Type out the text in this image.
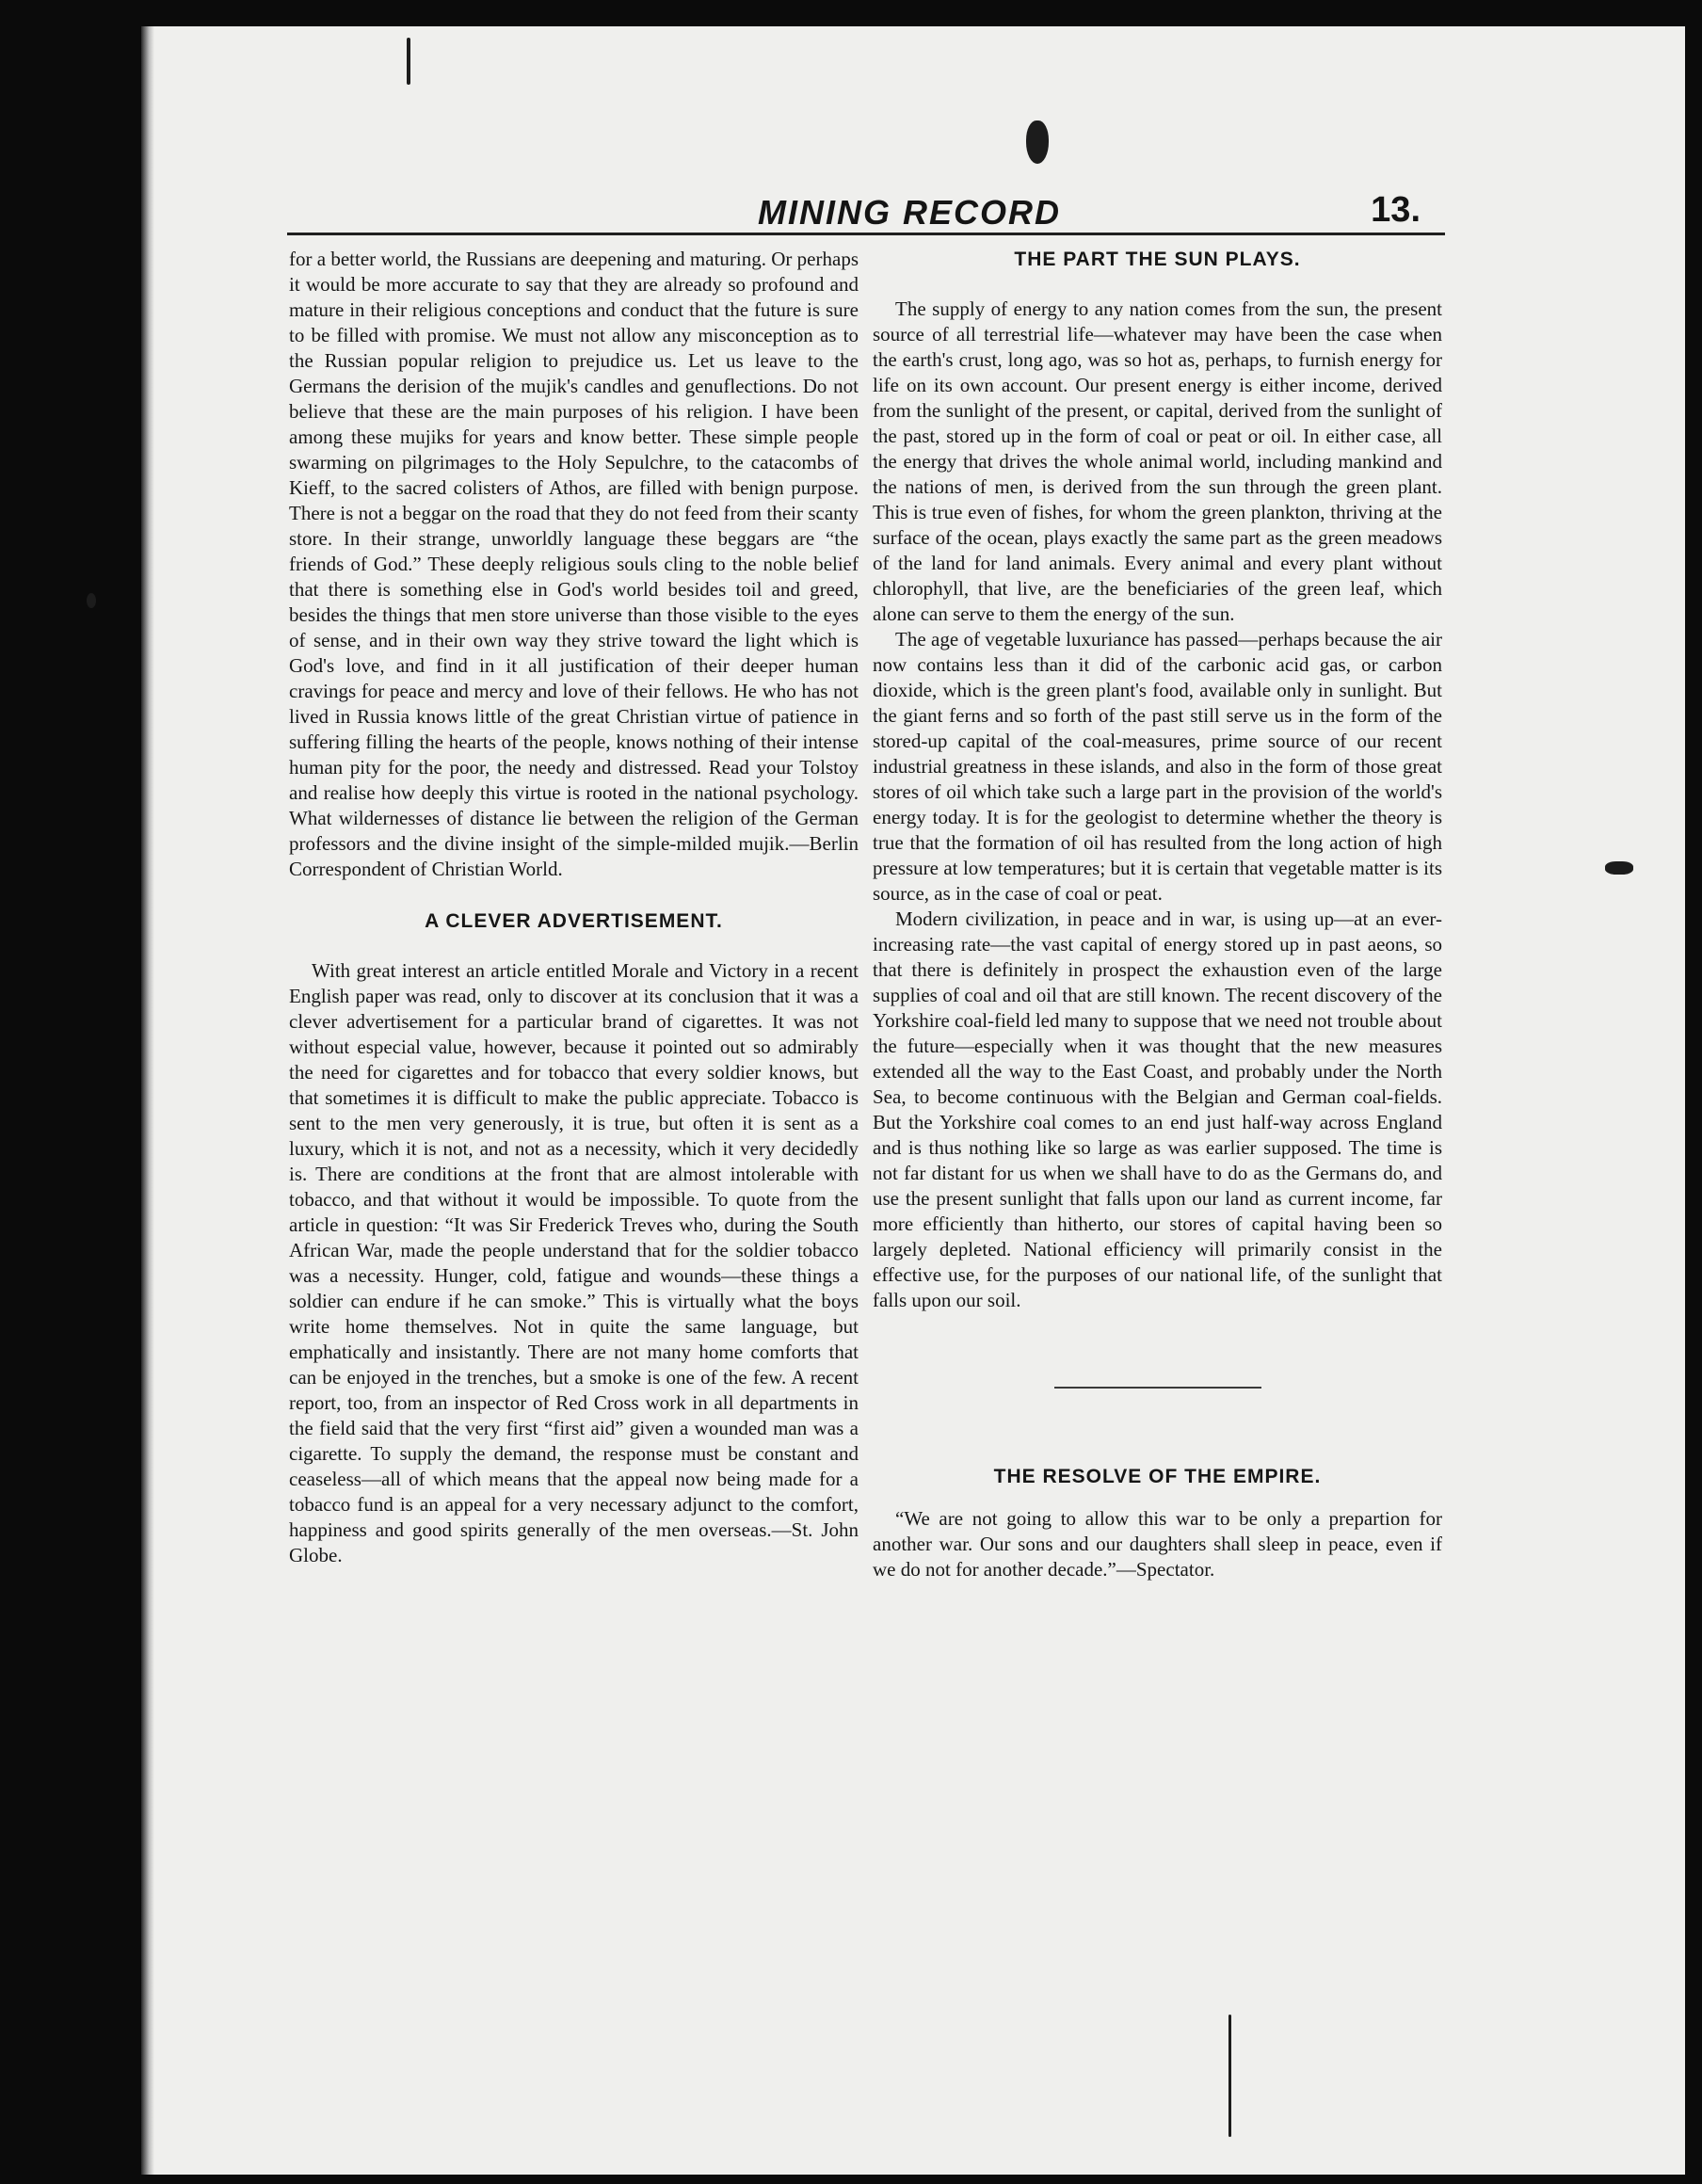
MINING RECORD	13.

for a better world, the Russians are deepening and maturing. Or perhaps it would be more accurate to say that they are already so profound and mature in their religious conceptions and conduct that the future is sure to be filled with promise. We must not allow any misconception as to the Russian popular religion to prejudice us. Let us leave to the Germans the derision of the mujik's candles and genuflections. Do not believe that these are the main purposes of his religion. I have been among these mujiks for years and know better. These simple people swarming on pilgrimages to the Holy Sepulchre, to the catacombs of Kieff, to the sacred colisters of Athos, are filled with benign purpose. There is not a beggar on the road that they do not feed from their scanty store. In their strange, unworldly language these beggars are “the friends of God.” These deeply religious souls cling to the noble belief that there is something else in God's world besides toil and greed, besides the things that men store universe than those visible to the eyes of sense, and in their own way they strive toward the light which is God's love, and find in it all justification of their deeper human cravings for peace and mercy and love of their fellows. He who has not lived in Russia knows little of the great Christian virtue of patience in suffering filling the hearts of the people, knows nothing of their intense human pity for the poor, the needy and distressed. Read your Tolstoy and realise how deeply this virtue is rooted in the national psychology. What wildernesses of distance lie between the religion of the German professors and the divine insight of the simple-milded mujik.—Berlin Correspondent of Christian World.

A CLEVER ADVERTISEMENT.

With great interest an article entitled Morale and Victory in a recent English paper was read, only to discover at its conclusion that it was a clever advertisement for a particular brand of cigarettes. It was not without especial value, however, because it pointed out so admirably the need for cigarettes and for tobacco that every soldier knows, but that sometimes it is difficult to make the public appreciate. Tobacco is sent to the men very generously, it is true, but often it is sent as a luxury, which it is not, and not as a necessity, which it very decidedly is. There are conditions at the front that are almost intolerable with tobacco, and that without it would be impossible. To quote from the article in question: “It was Sir Frederick Treves who, during the South African War, made the people understand that for the soldier tobacco was a necessity. Hunger, cold, fatigue and wounds—these things a soldier can endure if he can smoke.” This is virtually what the boys write home themselves. Not in quite the same language, but emphatically and insistantly. There are not many home comforts that can be enjoyed in the trenches, but a smoke is one of the few. A recent report, too, from an inspector of Red Cross work in all departments in the field said that the very first “first aid” given a wounded man was a cigarette. To supply the demand, the response must be constant and ceaseless—all of which means that the appeal now being made for a tobacco fund is an appeal for a very necessary adjunct to the comfort, happiness and good spirits generally of the men overseas.—St. John Globe.

THE PART THE SUN PLAYS.

The supply of energy to any nation comes from the sun, the present source of all terrestrial life—whatever may have been the case when the earth's crust, long ago, was so hot as, perhaps, to furnish energy for life on its own account. Our present energy is either income, derived from the sunlight of the present, or capital, derived from the sunlight of the past, stored up in the form of coal or peat or oil. In either case, all the energy that drives the whole animal world, including mankind and the nations of men, is derived from the sun through the green plant. This is true even of fishes, for whom the green plankton, thriving at the surface of the ocean, plays exactly the same part as the green meadows of the land for land animals. Every animal and every plant without chlorophyll, that live, are the beneficiaries of the green leaf, which alone can serve to them the energy of the sun.

The age of vegetable luxuriance has passed—perhaps because the air now contains less than it did of the carbonic acid gas, or carbon dioxide, which is the green plant's food, available only in sunlight. But the giant ferns and so forth of the past still serve us in the form of the stored-up capital of the coal-measures, prime source of our recent industrial greatness in these islands, and also in the form of those great stores of oil which take such a large part in the provision of the world's energy today. It is for the geologist to determine whether the theory is true that the formation of oil has resulted from the long action of high pressure at low temperatures; but it is certain that vegetable matter is its source, as in the case of coal or peat.

Modern civilization, in peace and in war, is using up—at an ever-increasing rate—the vast capital of energy stored up in past aeons, so that there is definitely in prospect the exhaustion even of the large supplies of coal and oil that are still known. The recent discovery of the Yorkshire coal-field led many to suppose that we need not trouble about the future—especially when it was thought that the new measures extended all the way to the East Coast, and probably under the North Sea, to become continuous with the Belgian and German coal-fields. But the Yorkshire coal comes to an end just half-way across England and is thus nothing like so large as was earlier supposed. The time is not far distant for us when we shall have to do as the Germans do, and use the present sunlight that falls upon our land as current income, far more efficiently than hitherto, our stores of capital having been so largely depleted. National efficiency will primarily consist in the effective use, for the purposes of our national life, of the sunlight that falls upon our soil.

THE RESOLVE OF THE EMPIRE.

“We are not going to allow this war to be only a prepartion for another war. Our sons and our daughters shall sleep in peace, even if we do not for another decade.”—Spectator.
